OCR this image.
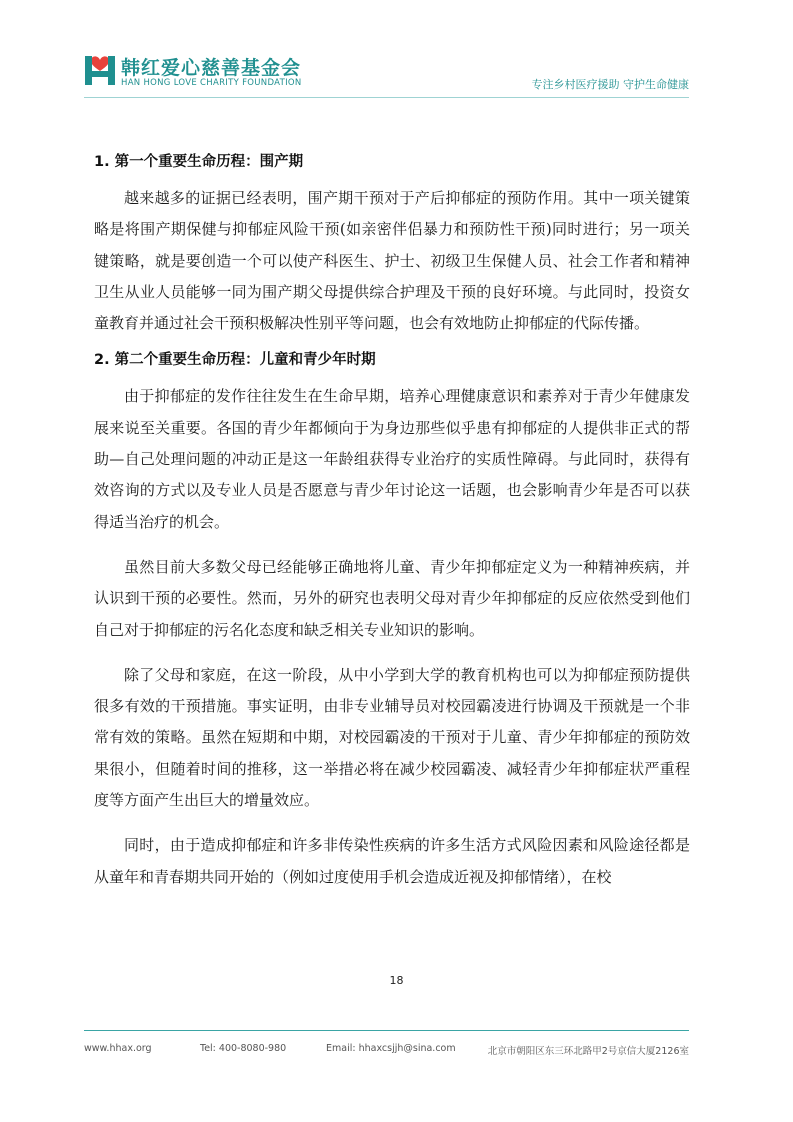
韩红爱心慈善基金会
HAN HONG LOVE CHARITY FOUNDATION	专注乡村医疗援助 守护生命健康
1. 第一个重要生命历程：围产期

越来越多的证据已经表明，围产期干预对于产后抑郁症的预防作用。其中一项关键策略是将围产期保健与抑郁症风险干预(如亲密伴侣暴力和预防性干预)同时进行；另一项关键策略，就是要创造一个可以使产科医生、护士、初级卫生保健人员、社会工作者和精神卫生从业人员能够一同为围产期父母提供综合护理及干预的良好环境。与此同时，投资女童教育并通过社会干预积极解决性别平等问题，也会有效地防止抑郁症的代际传播。

2. 第二个重要生命历程：儿童和青少年时期

由于抑郁症的发作往往发生在生命早期，培养心理健康意识和素养对于青少年健康发展来说至关重要。各国的青少年都倾向于为身边那些似乎患有抑郁症的人提供非正式的帮助—自己处理问题的冲动正是这一年龄组获得专业治疗的实质性障碍。与此同时，获得有效咨询的方式以及专业人员是否愿意与青少年讨论这一话题，也会影响青少年是否可以获得适当治疗的机会。

虽然目前大多数父母已经能够正确地将儿童、青少年抑郁症定义为一种精神疾病，并认识到干预的必要性。然而，另外的研究也表明父母对青少年抑郁症的反应依然受到他们自己对于抑郁症的污名化态度和缺乏相关专业知识的影响。

除了父母和家庭，在这一阶段，从中小学到大学的教育机构也可以为抑郁症预防提供很多有效的干预措施。事实证明，由非专业辅导员对校园霸凌进行协调及干预就是一个非常有效的策略。虽然在短期和中期，对校园霸凌的干预对于儿童、青少年抑郁症的预防效果很小，但随着时间的推移，这一举措必将在减少校园霸凌、减轻青少年抑郁症状严重程度等方面产生出巨大的增量效应。

同时，由于造成抑郁症和许多非传染性疾病的许多生活方式风险因素和风险途径都是从童年和青春期共同开始的（例如过度使用手机会造成近视及抑郁情绪），在校

18
www.hhax.org	Tel: 400-8080-980	Email: hhaxcsjjh@sina.com	北京市朝阳区东三环北路甲2号京信大厦2126室
